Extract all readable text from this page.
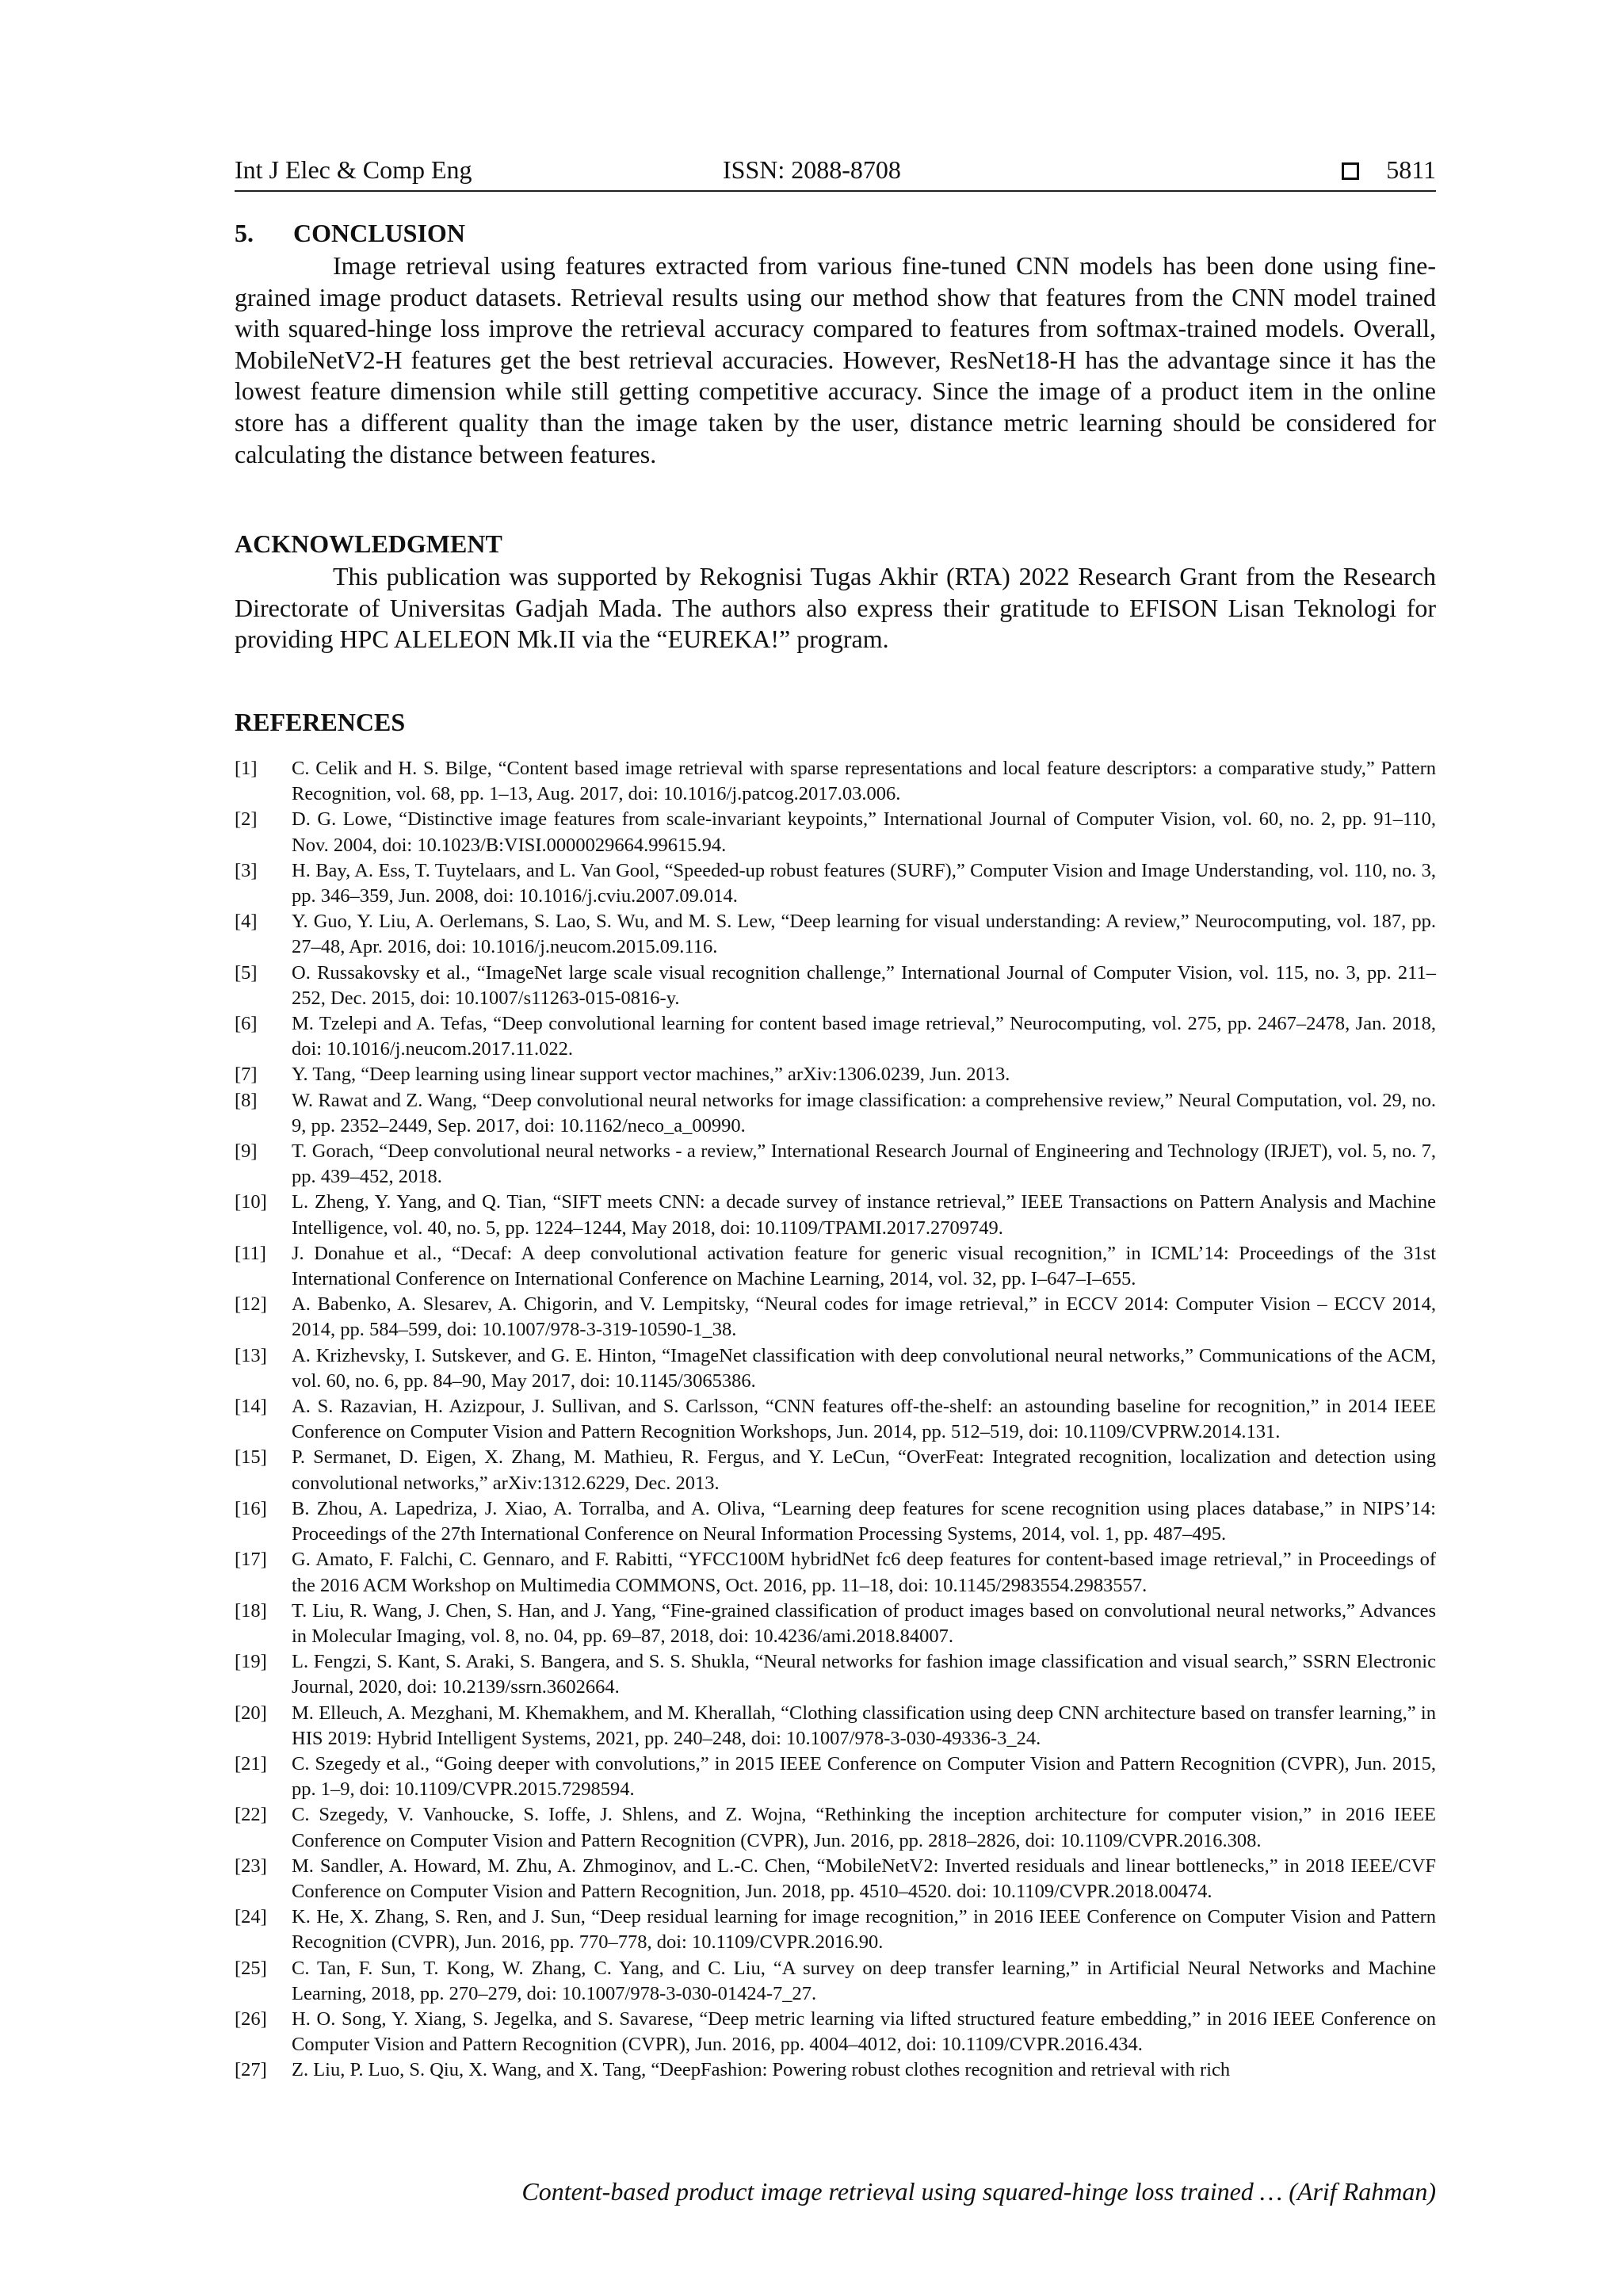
Int J Elec & Comp Eng	ISSN: 2088-8708	5811
5. CONCLUSION

Image retrieval using features extracted from various fine-tuned CNN models has been done using fine-grained image product datasets. Retrieval results using our method show that features from the CNN model trained with squared-hinge loss improve the retrieval accuracy compared to features from softmax-trained models. Overall, MobileNetV2-H features get the best retrieval accuracies. However, ResNet18-H has the advantage since it has the lowest feature dimension while still getting competitive accuracy. Since the image of a product item in the online store has a different quality than the image taken by the user, distance metric learning should be considered for calculating the distance between features.

ACKNOWLEDGMENT

This publication was supported by Rekognisi Tugas Akhir (RTA) 2022 Research Grant from the Research Directorate of Universitas Gadjah Mada. The authors also express their gratitude to EFISON Lisan Teknologi for providing HPC ALELEON Mk.II via the “EUREKA!” program.

REFERENCES
[1]	C. Celik and H. S. Bilge, “Content based image retrieval with sparse representations and local feature descriptors: a comparative study,” Pattern Recognition, vol. 68, pp. 1–13, Aug. 2017, doi: 10.1016/j.patcog.2017.03.006.
[2]	D. G. Lowe, “Distinctive image features from scale-invariant keypoints,” International Journal of Computer Vision, vol. 60, no. 2, pp. 91–110, Nov. 2004, doi: 10.1023/B:VISI.0000029664.99615.94.
[3]	H. Bay, A. Ess, T. Tuytelaars, and L. Van Gool, “Speeded-up robust features (SURF),” Computer Vision and Image Understanding, vol. 110, no. 3, pp. 346–359, Jun. 2008, doi: 10.1016/j.cviu.2007.09.014.
[4]	Y. Guo, Y. Liu, A. Oerlemans, S. Lao, S. Wu, and M. S. Lew, “Deep learning for visual understanding: A review,” Neurocomputing, vol. 187, pp. 27–48, Apr. 2016, doi: 10.1016/j.neucom.2015.09.116.
[5]	O. Russakovsky et al., “ImageNet large scale visual recognition challenge,” International Journal of Computer Vision, vol. 115, no. 3, pp. 211–252, Dec. 2015, doi: 10.1007/s11263-015-0816-y.
[6]	M. Tzelepi and A. Tefas, “Deep convolutional learning for content based image retrieval,” Neurocomputing, vol. 275, pp. 2467–2478, Jan. 2018, doi: 10.1016/j.neucom.2017.11.022.
[7]	Y. Tang, “Deep learning using linear support vector machines,” arXiv:1306.0239, Jun. 2013.
[8]	W. Rawat and Z. Wang, “Deep convolutional neural networks for image classification: a comprehensive review,” Neural Computation, vol. 29, no. 9, pp. 2352–2449, Sep. 2017, doi: 10.1162/neco_a_00990.
[9]	T. Gorach, “Deep convolutional neural networks - a review,” International Research Journal of Engineering and Technology (IRJET), vol. 5, no. 7, pp. 439–452, 2018.
[10]	L. Zheng, Y. Yang, and Q. Tian, “SIFT meets CNN: a decade survey of instance retrieval,” IEEE Transactions on Pattern Analysis and Machine Intelligence, vol. 40, no. 5, pp. 1224–1244, May 2018, doi: 10.1109/TPAMI.2017.2709749.
[11]	J. Donahue et al., “Decaf: A deep convolutional activation feature for generic visual recognition,” in ICML’14: Proceedings of the 31st International Conference on International Conference on Machine Learning, 2014, vol. 32, pp. I–647–I–655.
[12]	A. Babenko, A. Slesarev, A. Chigorin, and V. Lempitsky, “Neural codes for image retrieval,” in ECCV 2014: Computer Vision – ECCV 2014, 2014, pp. 584–599, doi: 10.1007/978-3-319-10590-1_38.
[13]	A. Krizhevsky, I. Sutskever, and G. E. Hinton, “ImageNet classification with deep convolutional neural networks,” Communications of the ACM, vol. 60, no. 6, pp. 84–90, May 2017, doi: 10.1145/3065386.
[14]	A. S. Razavian, H. Azizpour, J. Sullivan, and S. Carlsson, “CNN features off-the-shelf: an astounding baseline for recognition,” in 2014 IEEE Conference on Computer Vision and Pattern Recognition Workshops, Jun. 2014, pp. 512–519, doi: 10.1109/CVPRW.2014.131.
[15]	P. Sermanet, D. Eigen, X. Zhang, M. Mathieu, R. Fergus, and Y. LeCun, “OverFeat: Integrated recognition, localization and detection using convolutional networks,” arXiv:1312.6229, Dec. 2013.
[16]	B. Zhou, A. Lapedriza, J. Xiao, A. Torralba, and A. Oliva, “Learning deep features for scene recognition using places database,” in NIPS’14: Proceedings of the 27th International Conference on Neural Information Processing Systems, 2014, vol. 1, pp. 487–495.
[17]	G. Amato, F. Falchi, C. Gennaro, and F. Rabitti, “YFCC100M hybridNet fc6 deep features for content-based image retrieval,” in Proceedings of the 2016 ACM Workshop on Multimedia COMMONS, Oct. 2016, pp. 11–18, doi: 10.1145/2983554.2983557.
[18]	T. Liu, R. Wang, J. Chen, S. Han, and J. Yang, “Fine-grained classification of product images based on convolutional neural networks,” Advances in Molecular Imaging, vol. 8, no. 04, pp. 69–87, 2018, doi: 10.4236/ami.2018.84007.
[19]	L. Fengzi, S. Kant, S. Araki, S. Bangera, and S. S. Shukla, “Neural networks for fashion image classification and visual search,” SSRN Electronic Journal, 2020, doi: 10.2139/ssrn.3602664.
[20]	M. Elleuch, A. Mezghani, M. Khemakhem, and M. Kherallah, “Clothing classification using deep CNN architecture based on transfer learning,” in HIS 2019: Hybrid Intelligent Systems, 2021, pp. 240–248, doi: 10.1007/978-3-030-49336-3_24.
[21]	C. Szegedy et al., “Going deeper with convolutions,” in 2015 IEEE Conference on Computer Vision and Pattern Recognition (CVPR), Jun. 2015, pp. 1–9, doi: 10.1109/CVPR.2015.7298594.
[22]	C. Szegedy, V. Vanhoucke, S. Ioffe, J. Shlens, and Z. Wojna, “Rethinking the inception architecture for computer vision,” in 2016 IEEE Conference on Computer Vision and Pattern Recognition (CVPR), Jun. 2016, pp. 2818–2826, doi: 10.1109/CVPR.2016.308.
[23]	M. Sandler, A. Howard, M. Zhu, A. Zhmoginov, and L.-C. Chen, “MobileNetV2: Inverted residuals and linear bottlenecks,” in 2018 IEEE/CVF Conference on Computer Vision and Pattern Recognition, Jun. 2018, pp. 4510–4520. doi: 10.1109/CVPR.2018.00474.
[24]	K. He, X. Zhang, S. Ren, and J. Sun, “Deep residual learning for image recognition,” in 2016 IEEE Conference on Computer Vision and Pattern Recognition (CVPR), Jun. 2016, pp. 770–778, doi: 10.1109/CVPR.2016.90.
[25]	C. Tan, F. Sun, T. Kong, W. Zhang, C. Yang, and C. Liu, “A survey on deep transfer learning,” in Artificial Neural Networks and Machine Learning, 2018, pp. 270–279, doi: 10.1007/978-3-030-01424-7_27.
[26]	H. O. Song, Y. Xiang, S. Jegelka, and S. Savarese, “Deep metric learning via lifted structured feature embedding,” in 2016 IEEE Conference on Computer Vision and Pattern Recognition (CVPR), Jun. 2016, pp. 4004–4012, doi: 10.1109/CVPR.2016.434.
[27]	Z. Liu, P. Luo, S. Qiu, X. Wang, and X. Tang, “DeepFashion: Powering robust clothes recognition and retrieval with rich
Content-based product image retrieval using squared-hinge loss trained … (Arif Rahman)
